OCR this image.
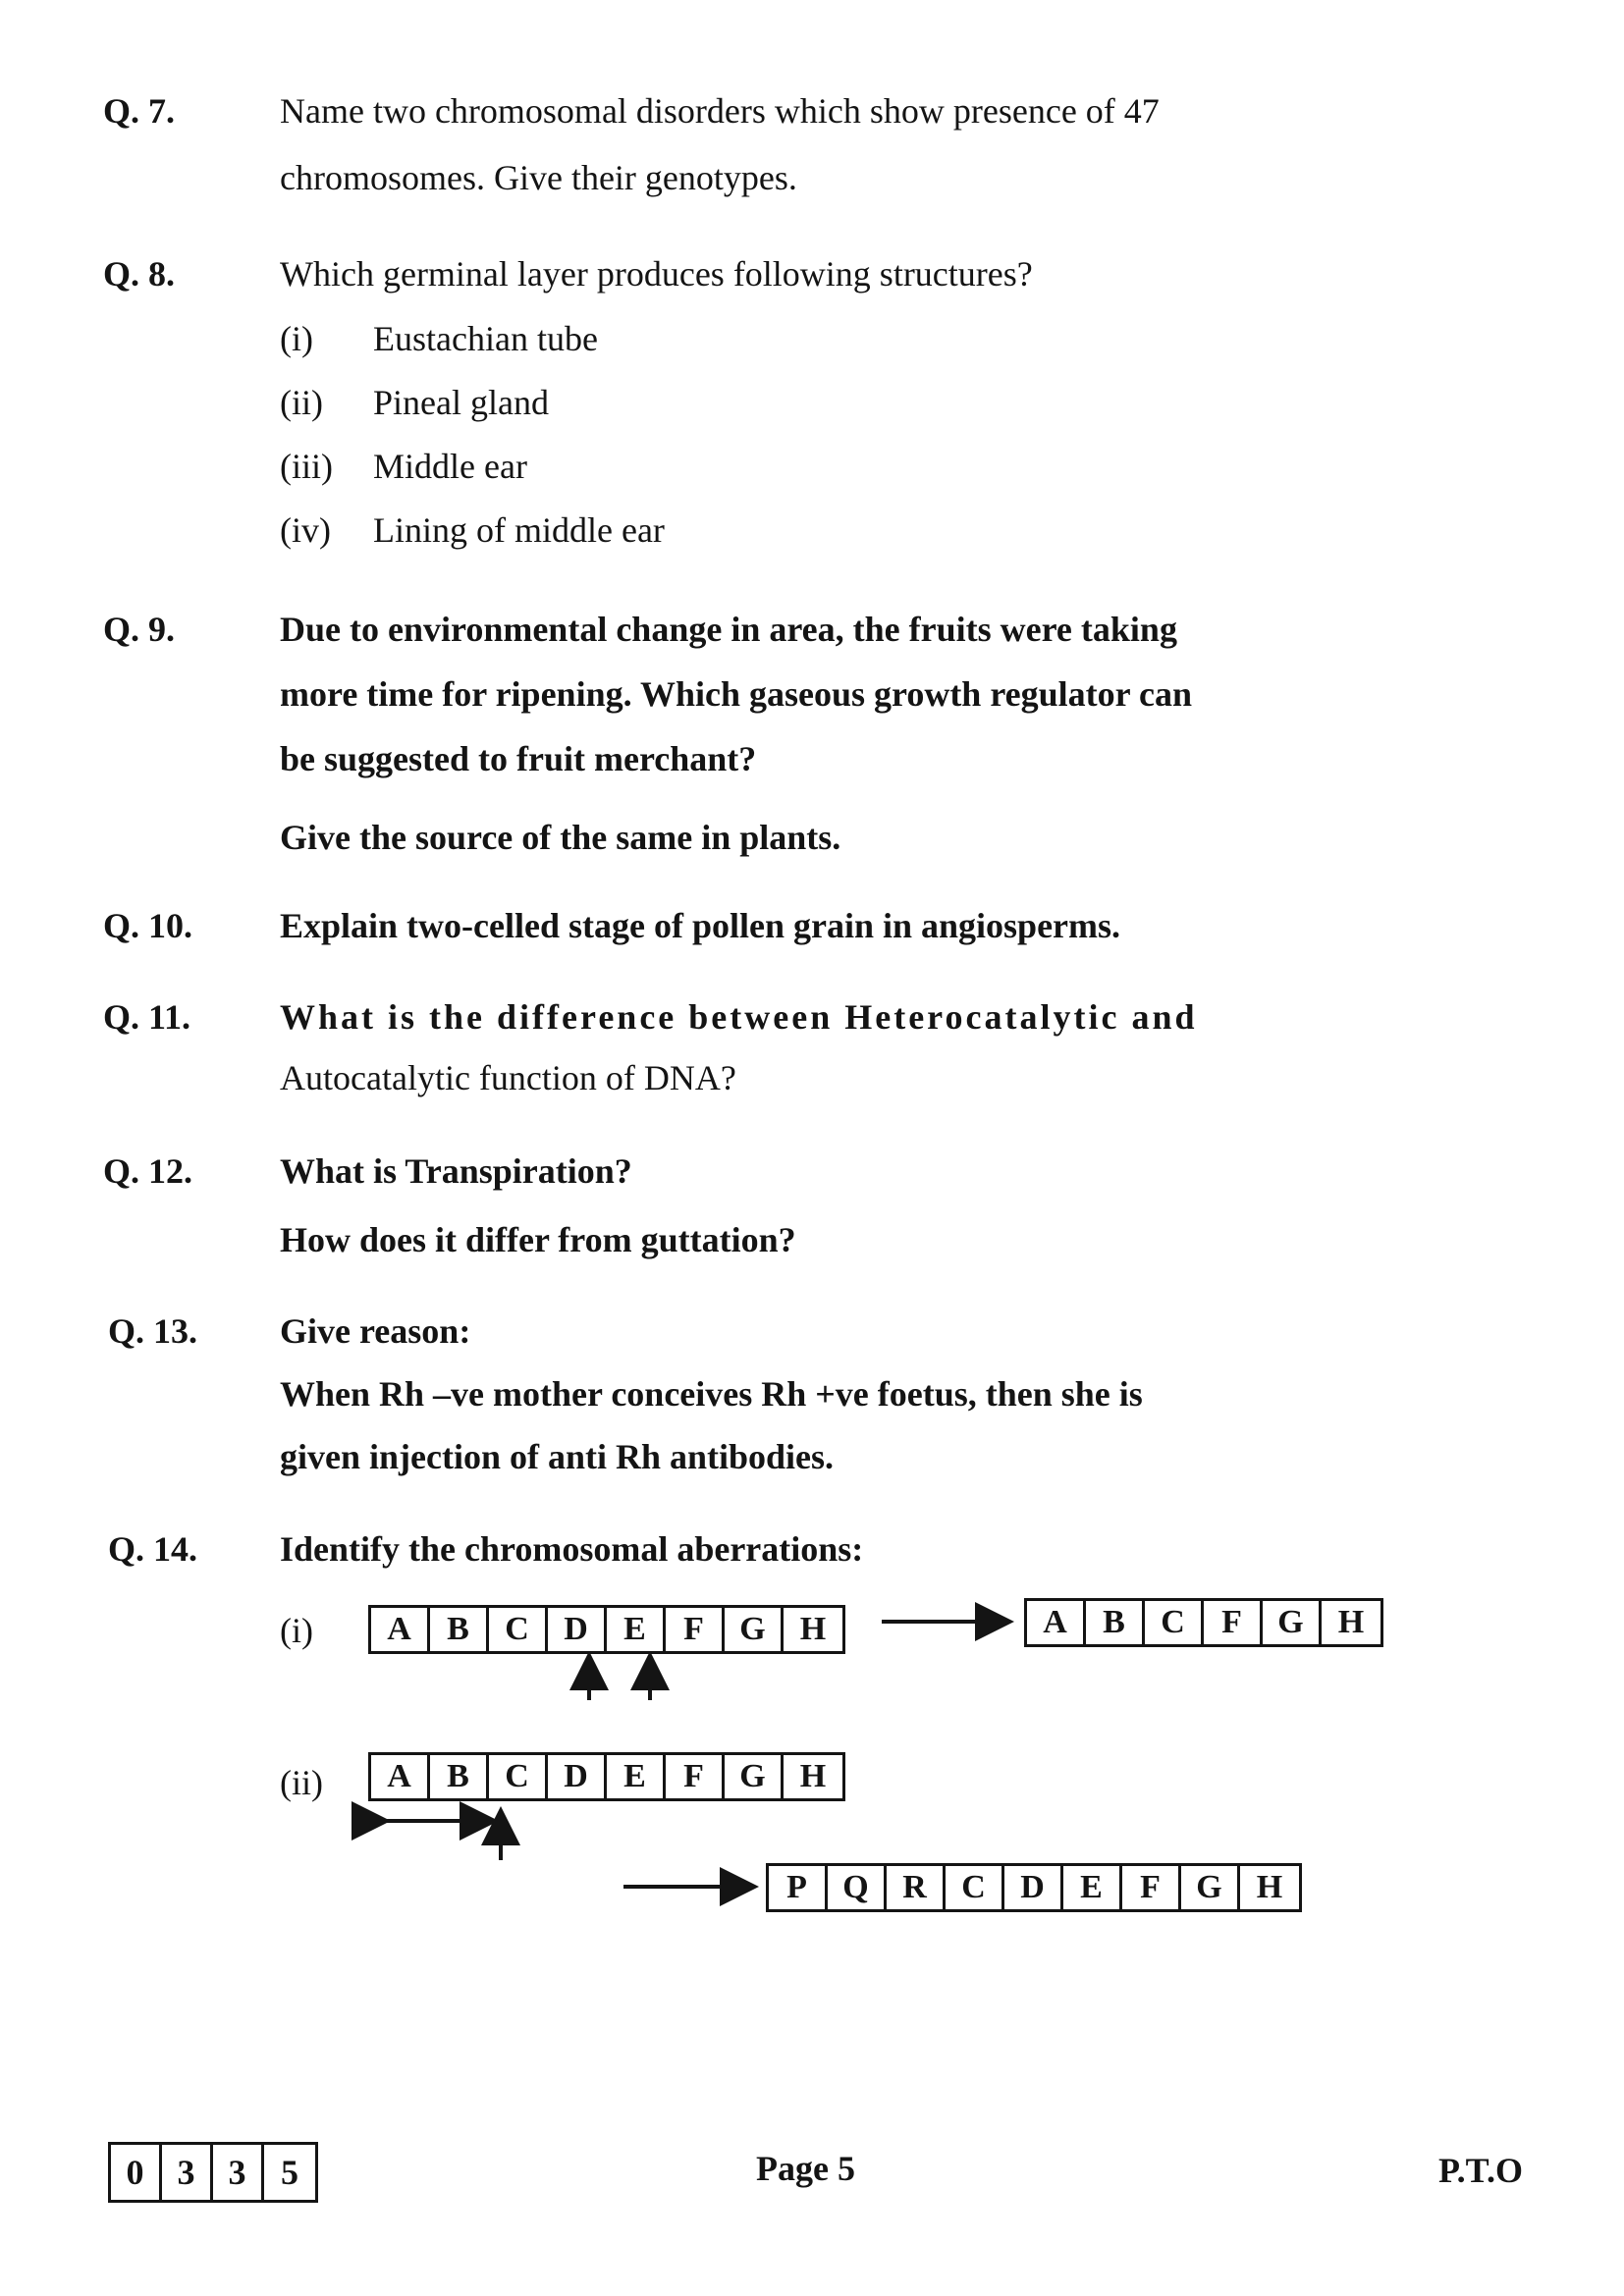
Q. 7.	Name two chromosomal disorders which show presence of 47
chromosomes. Give their genotypes.
Q. 8.	Which germinal layer produces following structures?
(i) Eustachian tube
(ii) Pineal gland
(iii) Middle ear
(iv) Lining of middle ear
Q. 9.	Due to environmental change in area, the fruits were taking
more time for ripening. Which gaseous growth regulator can
be suggested to fruit merchant?
Give the source of the same in plants.
Q. 10.	Explain two-celled stage of pollen grain in angiosperms.
Q. 11.	What is the difference between Heterocatalytic and
Autocatalytic function of DNA?
Q. 12.	What is Transpiration?
How does it differ from guttation?
Q. 13.	Give reason:
When Rh –ve mother conceives Rh +ve foetus, then she is
given injection of anti Rh antibodies.
Q. 14.	Identify the chromosomal aberrations:
(i)	A	B	C	D	E	F	G	H	A	B	C	F	G	H
(ii)	A	B	C	D	E	F	G	H
P	Q	R	C	D	E	F	G	H
0 3 3 5	Page 5	P.T.O
